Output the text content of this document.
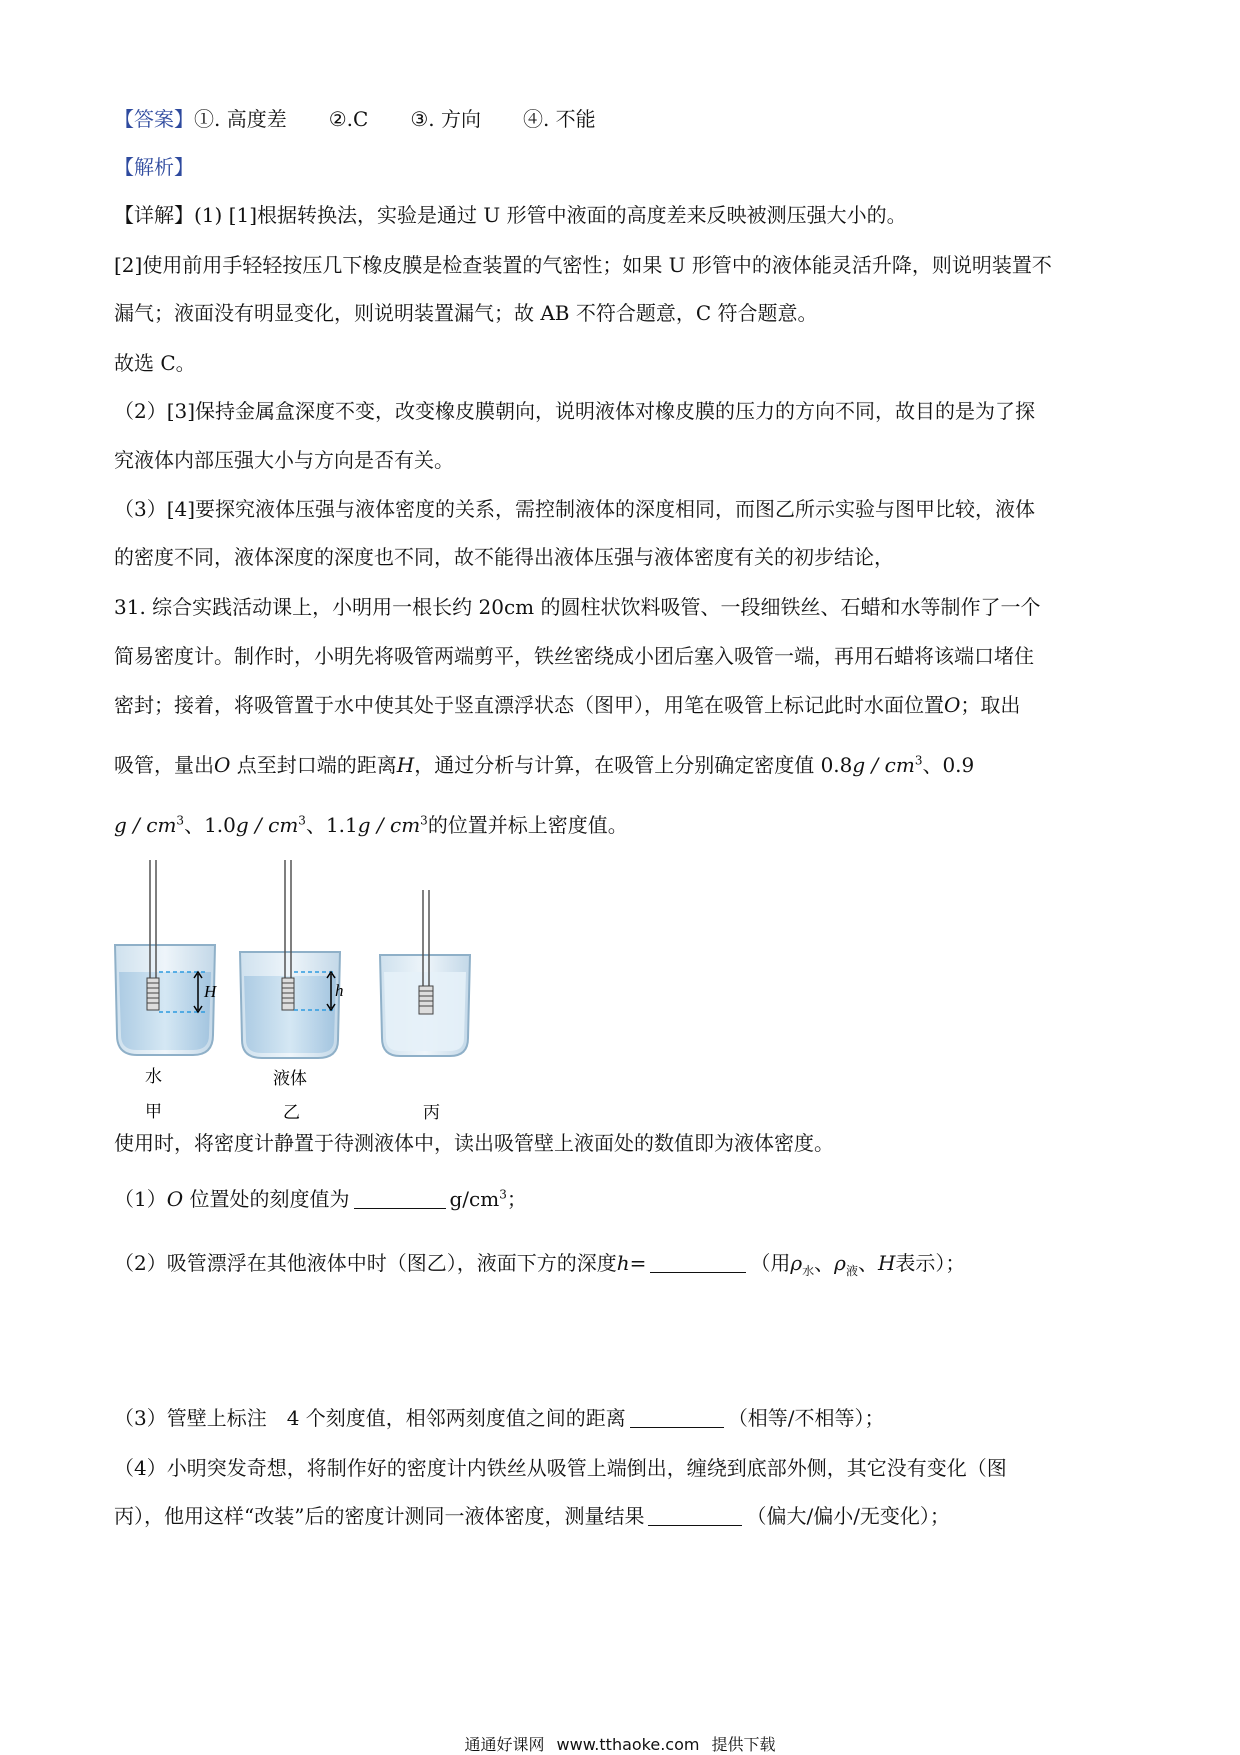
【答案】①. 高度差 ②.C ③. 方向 ④. 不能
【解析】
【详解】(1) [1]根据转换法，实验是通过 U 形管中液面的高度差来反映被测压强大小的。
[2]使用前用手轻轻按压几下橡皮膜是检查装置的气密性；如果 U 形管中的液体能灵活升降，则说明装置不
漏气；液面没有明显变化，则说明装置漏气；故 AB 不符合题意，C 符合题意。
故选 C。
（2）[3]保持金属盒深度不变，改变橡皮膜朝向，说明液体对橡皮膜的压力的方向不同，故目的是为了探
究液体内部压强大小与方向是否有关。
（3）[4]要探究液体压强与液体密度的关系，需控制液体的深度相同，而图乙所示实验与图甲比较，液体
的密度不同，液体深度的深度也不同，故不能得出液体压强与液体密度有关的初步结论，
31. 综合实践活动课上，小明用一根长约 20cm 的圆柱状饮料吸管、一段细铁丝、石蜡和水等制作了一个
简易密度计。制作时，小明先将吸管两端剪平，铁丝密绕成小团后塞入吸管一端，再用石蜡将该端口堵住
密封；接着，将吸管置于水中使其处于竖直漂浮状态（图甲），用笔在吸管上标记此时水面位置O；取出
吸管，量出O 点至封口端的距离H，通过分析与计算，在吸管上分别确定密度值 $0.8g / cm^3$、0.9
g / $cm^3$、$1.0g / cm^3$、$1.1g / cm^3$的位置并标上密度值。
H
水
甲
h
液体
乙	丙
使用时，将密度计静置于待测液体中，读出吸管壁上液面处的数值即为液体密度。
（1）O 位置处的刻度值为	$g/cm^3$；
（2）吸管漂浮在其他液体中时（图乙），液面下方的深度h=	（用$\rho_水$、$\rho_液$、H表示）；
（3）管壁上标注　4 个刻度值，相邻两刻度值之间的距离	（相等/不相等）；
（4）小明突发奇想，将制作好的密度计内铁丝从吸管上端倒出，缠绕到底部外侧，其它没有变化（图
丙），他用这样“改装”后的密度计测同一液体密度，测量结果	（偏大/偏小/无变化）；
通通好课网 www.tthaoke.com 提供下载
